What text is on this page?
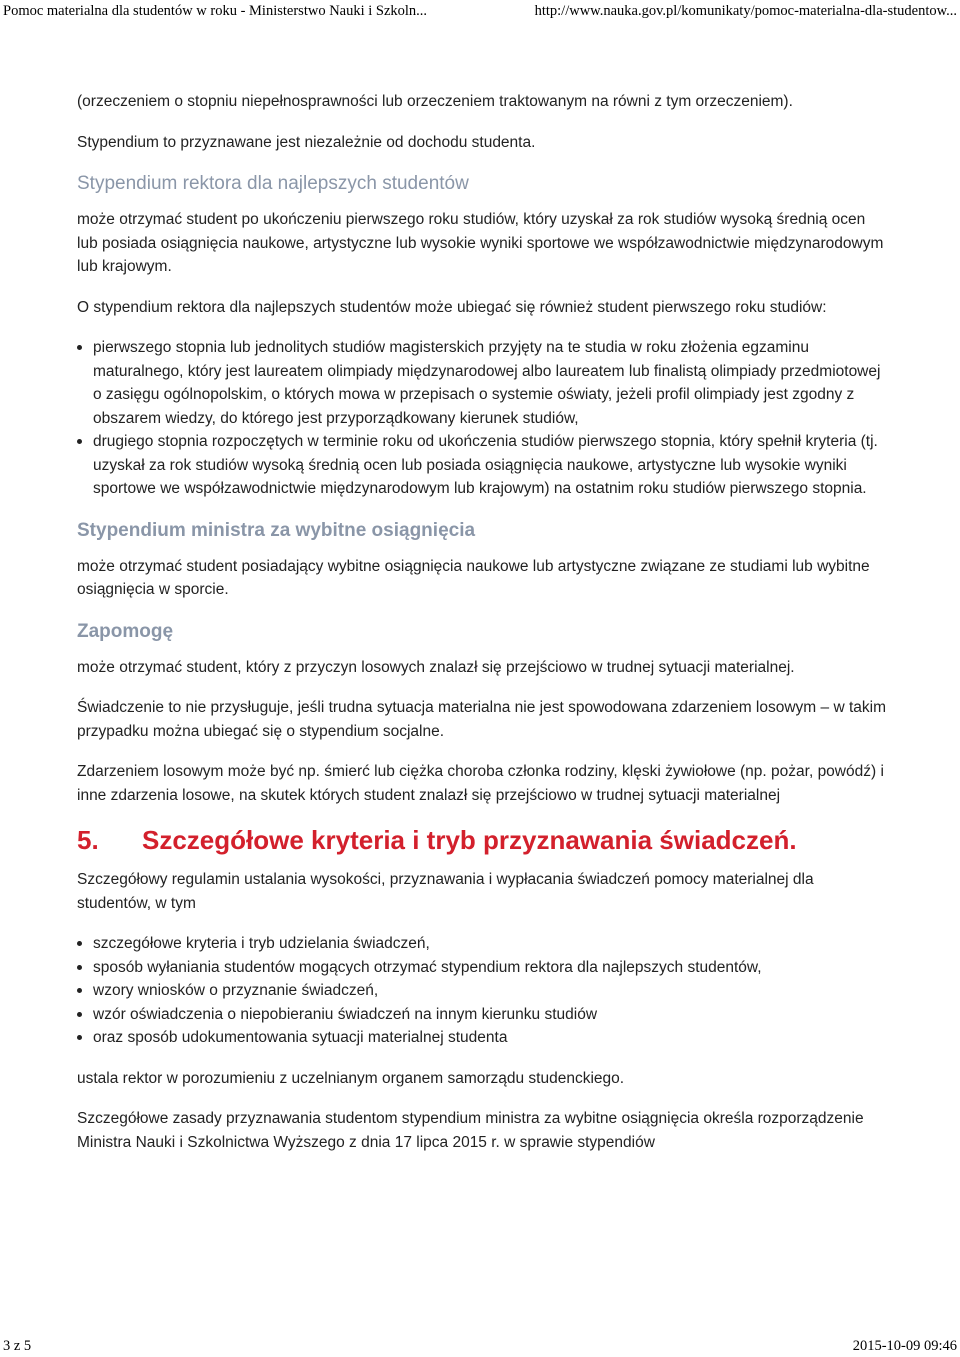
Pomoc materialna dla studentów w roku - Ministerstwo Nauki i Szkoln...	http://www.nauka.gov.pl/komunikaty/pomoc-materialna-dla-studentow...

(orzeczeniem o stopniu niepełnosprawności lub orzeczeniem traktowanym na równi z tym orzeczeniem).

Stypendium to przyznawane jest niezależnie od dochodu studenta.

Stypendium rektora dla najlepszych studentów

może otrzymać student po ukończeniu pierwszego roku studiów, który uzyskał za rok studiów wysoką średnią ocen lub posiada osiągnięcia naukowe, artystyczne lub wysokie wyniki sportowe we współzawodnictwie międzynarodowym lub krajowym.

O stypendium rektora dla najlepszych studentów może ubiegać się również student pierwszego roku studiów:

pierwszego stopnia lub jednolitych studiów magisterskich przyjęty na te studia w roku złożenia egzaminu maturalnego, który jest laureatem olimpiady międzynarodowej albo laureatem lub finalistą olimpiady przedmiotowej o zasięgu ogólnopolskim, o których mowa w przepisach o systemie oświaty, jeżeli profil olimpiady jest zgodny z obszarem wiedzy, do którego jest przyporządkowany kierunek studiów,
drugiego stopnia rozpoczętych w terminie roku od ukończenia studiów pierwszego stopnia, który spełnił kryteria (tj. uzyskał za rok studiów wysoką średnią ocen lub posiada osiągnięcia naukowe, artystyczne lub wysokie wyniki sportowe we współzawodnictwie międzynarodowym lub krajowym) na ostatnim roku studiów pierwszego stopnia.
Stypendium ministra za wybitne osiągnięcia

może otrzymać student posiadający wybitne osiągnięcia naukowe lub artystyczne związane ze studiami lub wybitne osiągnięcia w sporcie.

Zapomogę

może otrzymać student, który z przyczyn losowych znalazł się przejściowo w trudnej sytuacji materialnej.

Świadczenie to nie przysługuje, jeśli trudna sytuacja materialna nie jest spowodowana zdarzeniem losowym – w takim przypadku można ubiegać się o stypendium socjalne.

Zdarzeniem losowym może być np. śmierć lub ciężka choroba członka rodziny, klęski żywiołowe (np. pożar, powódź) i inne zdarzenia losowe, na skutek których student znalazł się przejściowo w trudnej sytuacji materialnej

5. Szczegółowe kryteria i tryb przyznawania świadczeń.

Szczegółowy regulamin ustalania wysokości, przyznawania i wypłacania świadczeń pomocy materialnej dla studentów, w tym

szczegółowe kryteria i tryb udzielania świadczeń,
sposób wyłaniania studentów mogących otrzymać stypendium rektora dla najlepszych studentów,
wzory wniosków o przyznanie świadczeń,
wzór oświadczenia o niepobieraniu świadczeń na innym kierunku studiów
oraz sposób udokumentowania sytuacji materialnej studenta

ustala rektor w porozumieniu z uczelnianym organem samorządu studenckiego.

Szczegółowe zasady przyznawania studentom stypendium ministra za wybitne osiągnięcia określa rozporządzenie Ministra Nauki i Szkolnictwa Wyższego z dnia 17 lipca 2015 r. w sprawie stypendiów

3 z 5	2015-10-09 09:46
